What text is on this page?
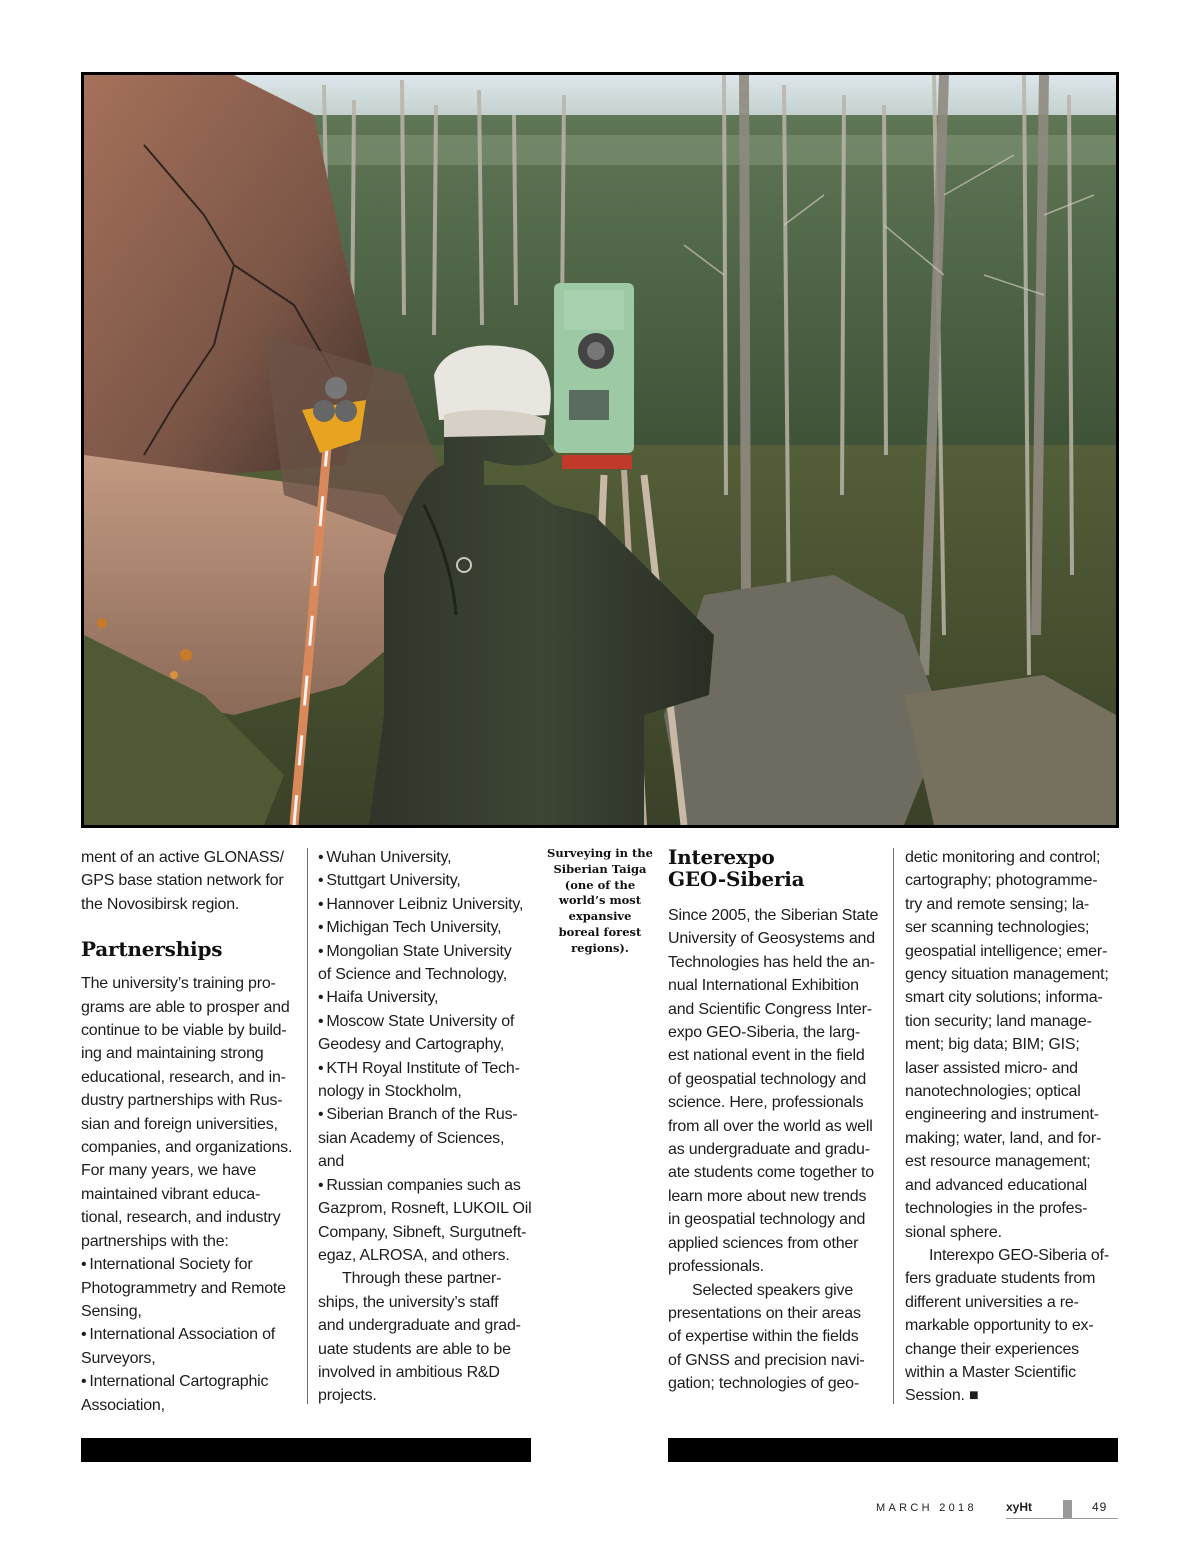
ment of an active GLONASS/

GPS base station network for

the Novosibirsk region.

Partnerships

The university’s training pro-

grams are able to prosper and

continue to be viable by build-

ing and maintaining strong

educational, research, and in-

dustry partnerships with Rus-

sian and foreign universities,

companies, and organizations.

For many years, we have

maintained vibrant educa-

tional, research, and industry

partnerships with the:

• International Society for

Photogrammetry and Remote

Sensing,

• International Association of

Surveyors,

• International Cartographic

Association,

• Wuhan University,

• Stuttgart University,

• Hannover Leibniz University,

• Michigan Tech University,

• Mongolian State University

of Science and Technology,

• Haifa University,

• Moscow State University of

Geodesy and Cartography,

• KTH Royal Institute of Tech-

nology in Stockholm,

• Siberian Branch of the Rus-

sian Academy of Sciences,

and

• Russian companies such as

Gazprom, Rosneft, LUKOIL Oil

Company, Sibneft, Surgutneft-

egaz, ALROSA, and others.

Through these partner-

ships, the university’s staff

and undergraduate and grad-

uate students are able to be

involved in ambitious R&D

projects.

Surveying in the Siberian Taiga (one of the world’s most expansive boreal forest regions).

Interexpo

GEO-Siberia

Since 2005, the Siberian State

University of Geosystems and

Technologies has held the an-

nual International Exhibition

and Scientific Congress Inter-

expo GEO-Siberia, the larg-

est national event in the field

of geospatial technology and

science. Here, professionals

from all over the world as well

as undergraduate and gradu-

ate students come together to

learn more about new trends

in geospatial technology and

applied sciences from other

professionals.

Selected speakers give

presentations on their areas

of expertise within the fields

of GNSS and precision navi-

gation; technologies of geo-

detic monitoring and control;

cartography; photogramme-

try and remote sensing; la-

ser scanning technologies;

geospatial intelligence; emer-

gency situation management;

smart city solutions; informa-

tion security; land manage-

ment; big data; BIM; GIS;

laser assisted micro- and

nanotechnologies; optical

engineering and instrument-

making; water, land, and for-

est resource management;

and advanced educational

technologies in the profes-

sional sphere.

Interexpo GEO-Siberia of-

fers graduate students from

different universities a re-

markable opportunity to ex-

change their experiences

within a Master Scientific

Session. ■

MARCH 2018 xyHt	49
